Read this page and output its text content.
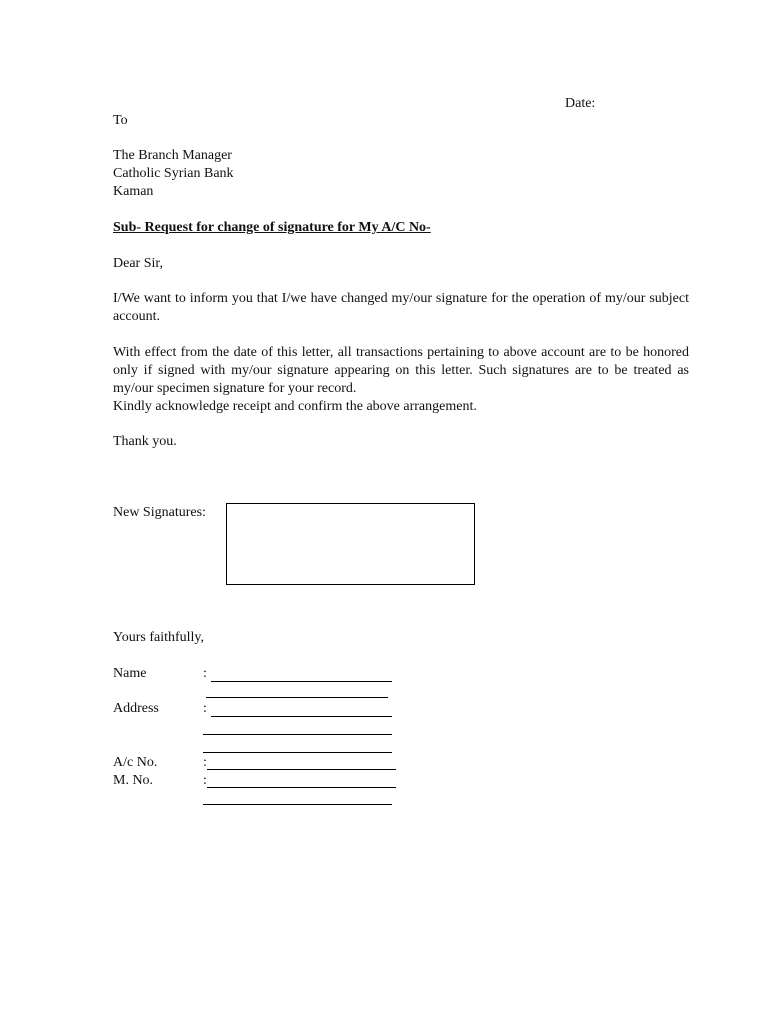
Date:
To
The Branch Manager
Catholic Syrian Bank
Kaman
Sub- Request for change of signature for My A/C No-
Dear Sir,
I/We want to inform you that I/we have changed my/our signature for the operation of my/our subject account.
With effect from the date of this letter, all transactions pertaining to above account are to be honored only if signed with my/our signature appearing on this letter. Such signatures are to be treated as my/our specimen signature for your record.
Kindly acknowledge receipt and confirm the above arrangement.
Thank you.
New Signatures:
Yours faithfully,
Name	:
Address	:
A/c No.	:
M. No.	:
